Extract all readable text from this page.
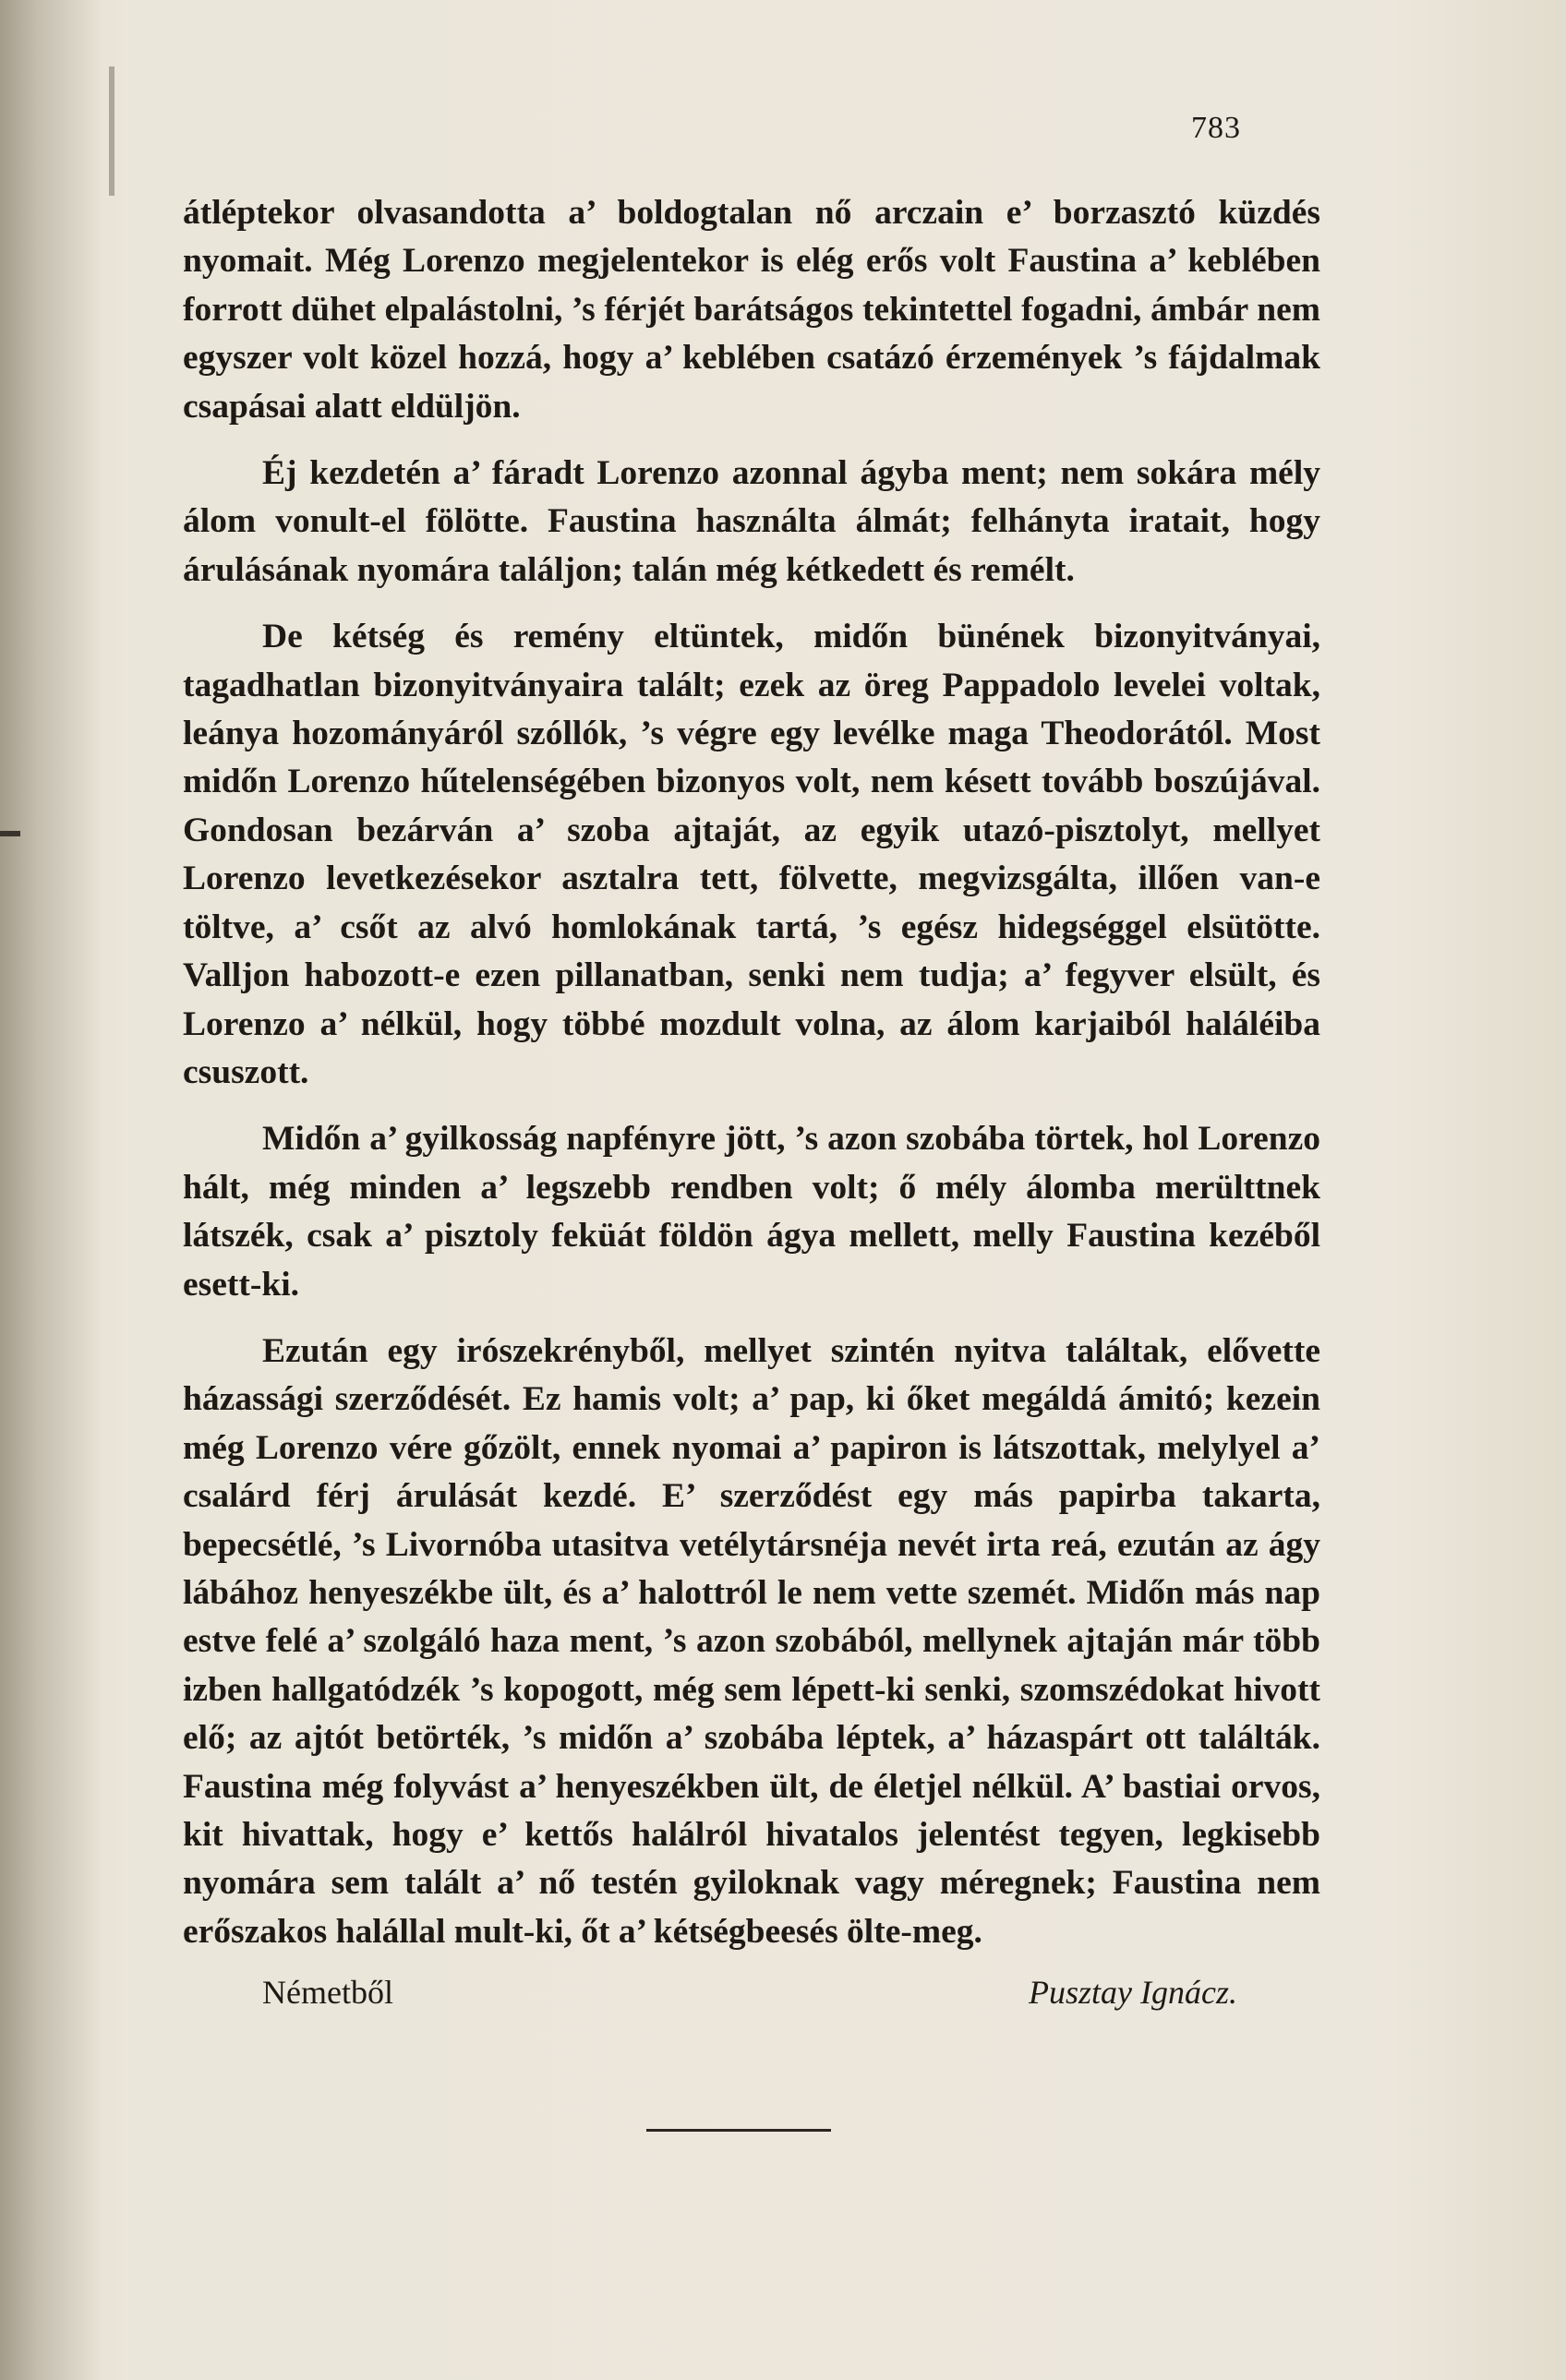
783

átléptekor olvasandotta a’ boldogtalan nő arczain e’ borzasztó küzdés nyomait. Még Lorenzo megjelentekor is elég erős volt Faustina a’ keblében forrott dühet elpalástolni, ’s férjét barátságos tekintettel fogadni, ámbár nem egyszer volt közel hozzá, hogy a’ keblében csatázó érzemények ’s fájdalmak csapásai alatt eldüljön.

Éj kezdetén a’ fáradt Lorenzo azonnal ágyba ment; nem sokára mély álom vonult-el fölötte. Faustina használta álmát; felhányta iratait, hogy árulásának nyomára találjon; talán még kétkedett és remélt.

De kétség és remény eltüntek, midőn bünének bizonyitványai, tagadhatlan bizonyitványaira talált; ezek az öreg Pappadolo levelei voltak, leánya hozományáról szóllók, ’s végre egy levélke maga Theodorától. Most midőn Lorenzo hűtelenségében bizonyos volt, nem késett tovább boszújával. Gondosan bezárván a’ szoba ajtaját, az egyik utazó-pisztolyt, mellyet Lorenzo levetkezésekor asztalra tett, fölvette, megvizsgálta, illően van-e töltve, a’ csőt az alvó homlokának tartá, ’s egész hidegséggel elsütötte. Valljon habozott-e ezen pillanatban, senki nem tudja; a’ fegyver elsült, és Lorenzo a’ nélkül, hogy többé mozdult volna, az álom karjaiból haláléiba csuszott.

Midőn a’ gyilkosság napfényre jött, ’s azon szobába törtek, hol Lorenzo hált, még minden a’ legszebb rendben volt; ő mély álomba merülttnek látszék, csak a’ pisztoly feküát földön ágya mellett, melly Faustina kezéből esett-ki.

Ezután egy irószekrényből, mellyet szintén nyitva találtak, elővette házassági szerződését. Ez hamis volt; a’ pap, ki őket megáldá ámitó; kezein még Lorenzo vére gőzölt, ennek nyomai a’ papiron is látszottak, melylyel a’ csalárd férj árulását kezdé. E’ szerződést egy más papirba takarta, bepecsétlé, ’s Livornóba utasitva vetélytársnéja nevét irta reá, ezután az ágy lábához henyeszékbe ült, és a’ halottról le nem vette szemét. Midőn más nap estve felé a’ szolgáló haza ment, ’s azon szobából, mellynek ajtaján már több izben hallgatódzék ’s kopogott, még sem lépett-ki senki, szomszédokat hivott elő; az ajtót betörték, ’s midőn a’ szobába léptek, a’ házaspárt ott találták. Faustina még folyvást a’ henyeszékben ült, de életjel nélkül. A’ bastiai orvos, kit hivattak, hogy e’ kettős halálról hivatalos jelentést tegyen, legkisebb nyomára sem talált a’ nő testén gyiloknak vagy méregnek; Faustina nem erőszakos halállal mult-ki, őt a’ kétségbeesés ölte-meg.

Németből	Pusztay Ignácz.
